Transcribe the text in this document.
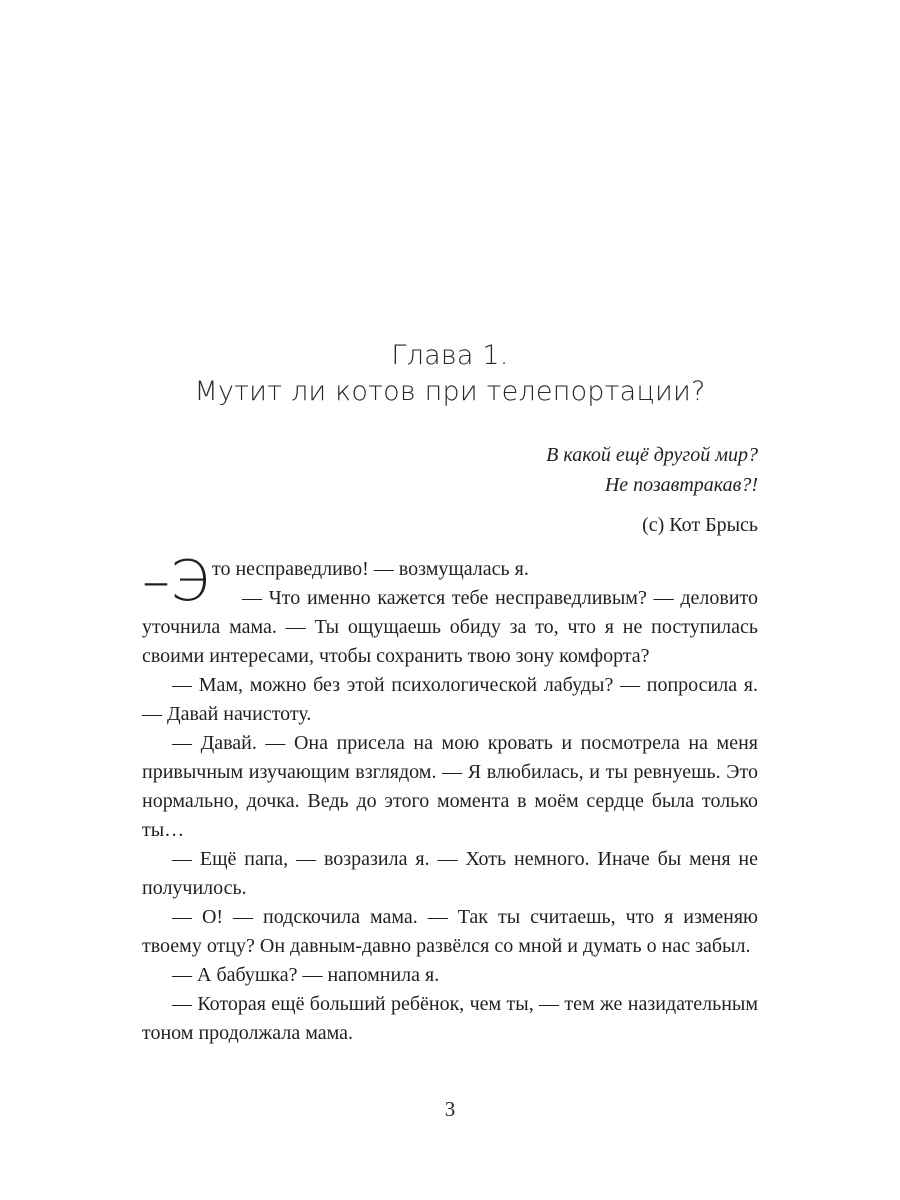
Глава 1.
Мутит ли котов при телепортации?
В какой ещё другой мир?
Не позавтракав?!
(с) Кот Брысь
–Э то несправедливо! — возмущалась я.

— Что именно кажется тебе несправедливым? — деловито уточнила мама. — Ты ощущаешь обиду за то, что я не поступилась своими интересами, чтобы сохранить твою зону комфорта?

— Мам, можно без этой психологической лабуды? — попросила я. — Давай начистоту.

— Давай. — Она присела на мою кровать и посмотрела на меня привычным изучающим взглядом. — Я влюбилась, и ты ревнуешь. Это нормально, дочка. Ведь до этого момента в моём сердце была только ты…

— Ещё папа, — возразила я. — Хоть немного. Иначе бы меня не получилось.

— О! — подскочила мама. — Так ты считаешь, что я изменяю твоему отцу? Он давным-давно развёлся со мной и думать о нас забыл.

— А бабушка? — напомнила я.

— Которая ещё больший ребёнок, чем ты, — тем же назидательным тоном продолжала мама.

3
